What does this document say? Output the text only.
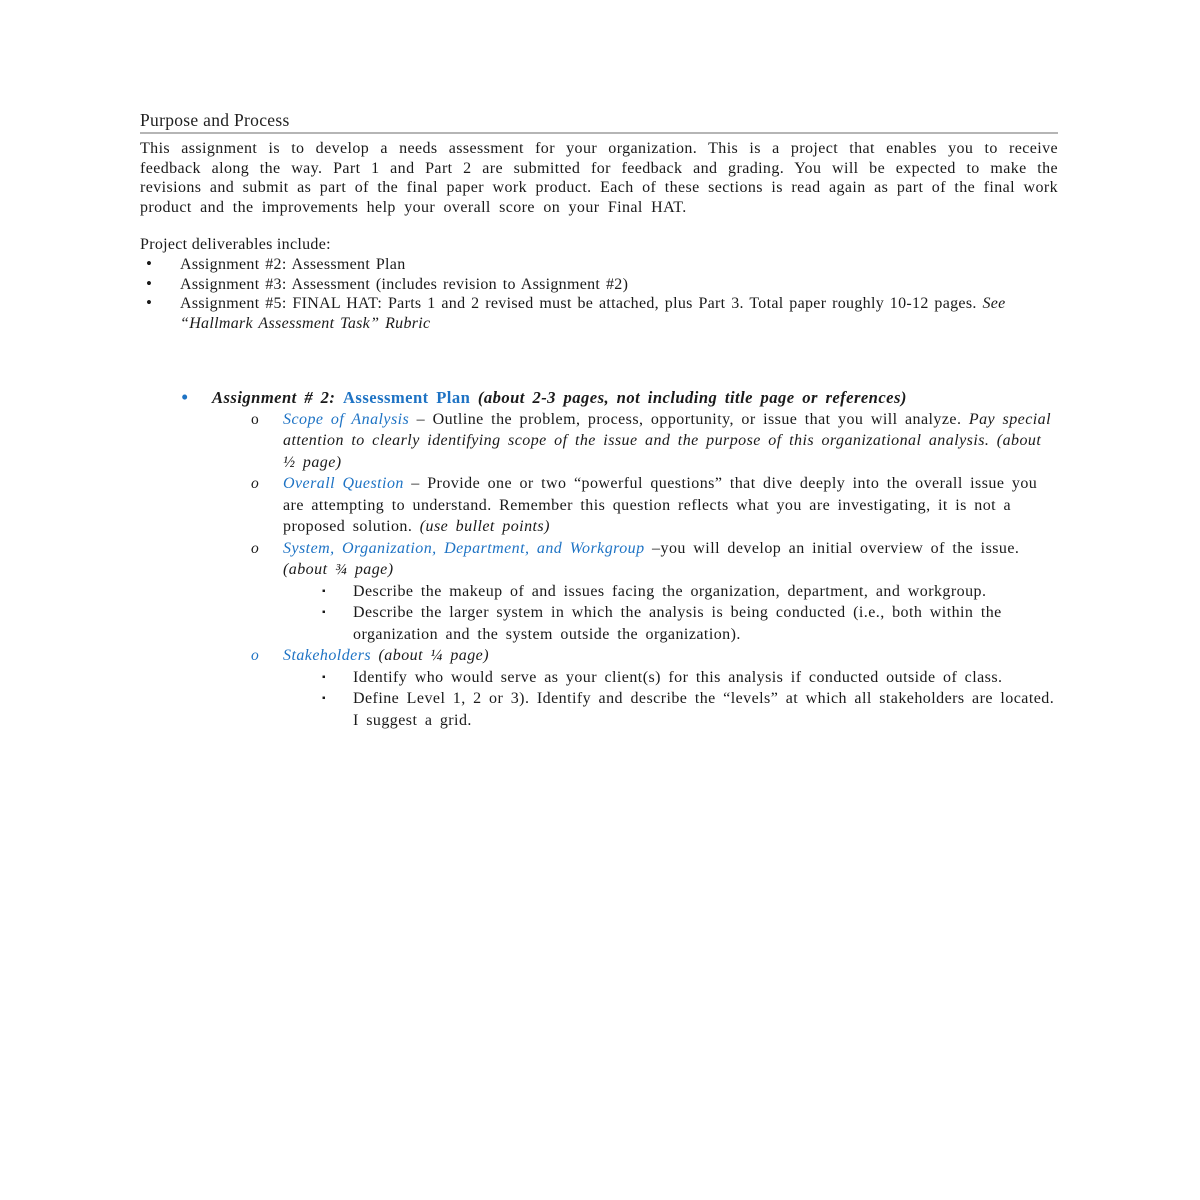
Purpose and Process

This assignment is to develop a needs assessment for your organization. This is a project that enables you to receive feedback along the way. Part 1 and Part 2 are submitted for feedback and grading. You will be expected to make the revisions and submit as part of the final paper work product. Each of these sections is read again as part of the final work product and the improvements help your overall score on your Final HAT.

Project deliverables include:

• Assignment #2: Assessment Plan
• Assignment #3: Assessment (includes revision to Assignment #2)
• Assignment #5: FINAL HAT: Parts 1 and 2 revised must be attached, plus Part 3. Total paper roughly 10-12 pages. See “Hallmark Assessment Task” Rubric
• Assignment # 2: Assessment Plan (about 2-3 pages, not including title page or references)
o Scope of Analysis – Outline the problem, process, opportunity, or issue that you will analyze. Pay special attention to clearly identifying scope of the issue and the purpose of this organizational analysis. (about ½ page)
o Overall Question – Provide one or two “powerful questions” that dive deeply into the overall issue you are attempting to understand. Remember this question reflects what you are investigating, it is not a proposed solution. (use bullet points)
o System, Organization, Department, and Workgroup –you will develop an initial overview of the issue. (about ¾ page)
▪ Describe the makeup of and issues facing the organization, department, and workgroup.
▪ Describe the larger system in which the analysis is being conducted (i.e., both within the organization and the system outside the organization).
o Stakeholders (about ¼ page)
▪ Identify who would serve as your client(s) for this analysis if conducted outside of class.
▪ Define Level 1, 2 or 3). Identify and describe the “levels” at which all stakeholders are located. I suggest a grid.
